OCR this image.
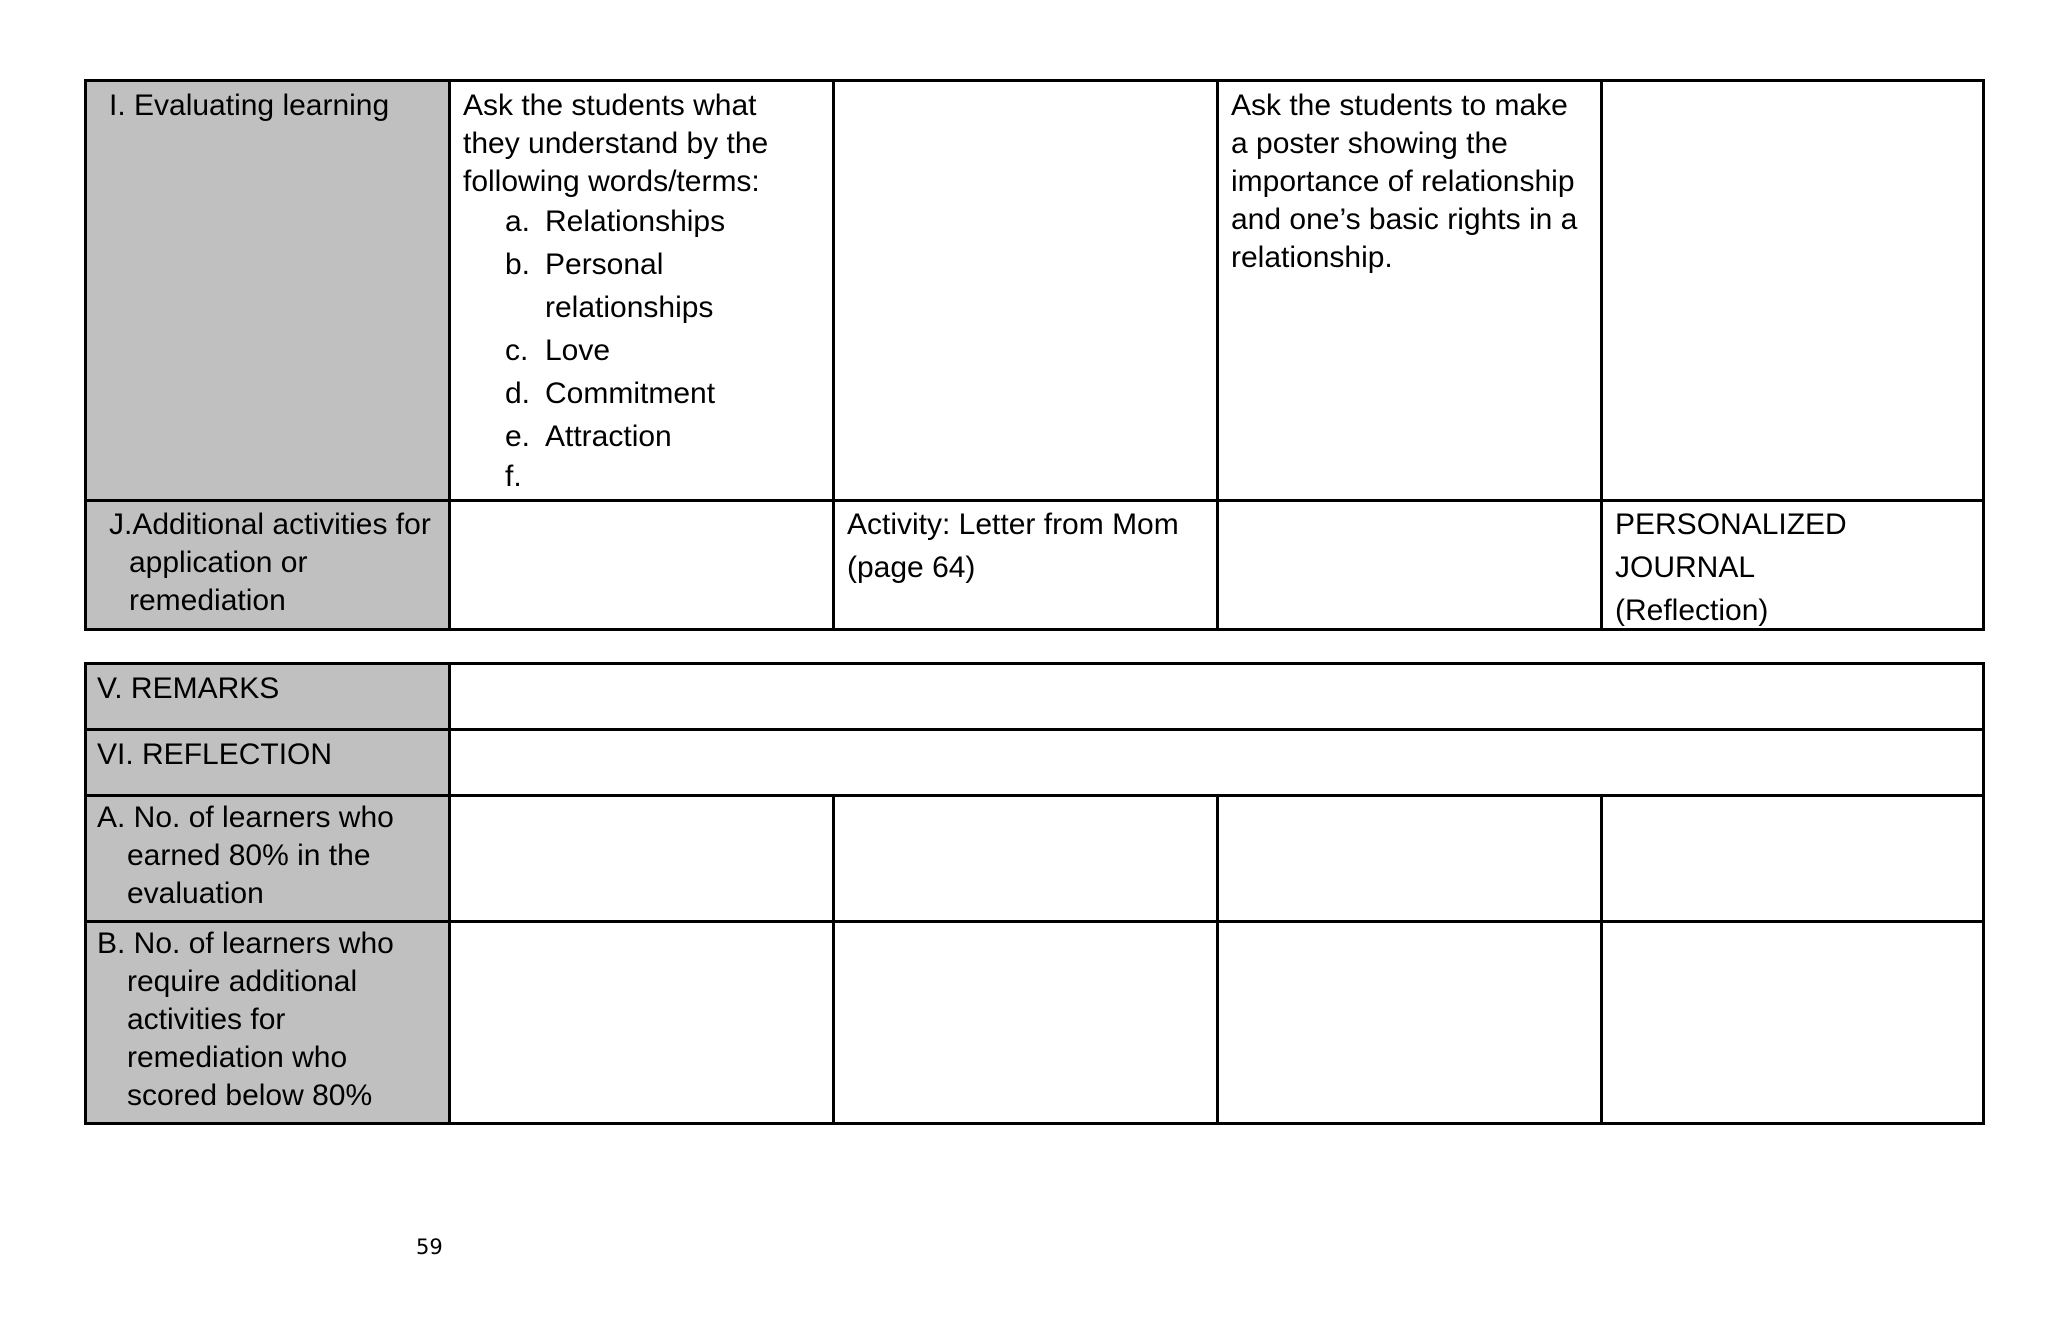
I. Evaluating learning
J.Additional activities for
application or
remediation
Ask the students what
they understand by the
following words/terms:
a. Relationships
b. Personal
relationships
c. Love
d. Commitment
e. Attraction
f.
Ask the students to make
a poster showing the
importance of relationship
and one’s basic rights in a
relationship.
Activity: Letter from Mom
(page 64)
PERSONALIZED
JOURNAL
(Reflection)
V. REMARKS
VI. REFLECTION
A. No. of learners who
earned 80% in the
evaluation
B. No. of learners who
require additional
activities for
remediation who
scored below 80%
59
